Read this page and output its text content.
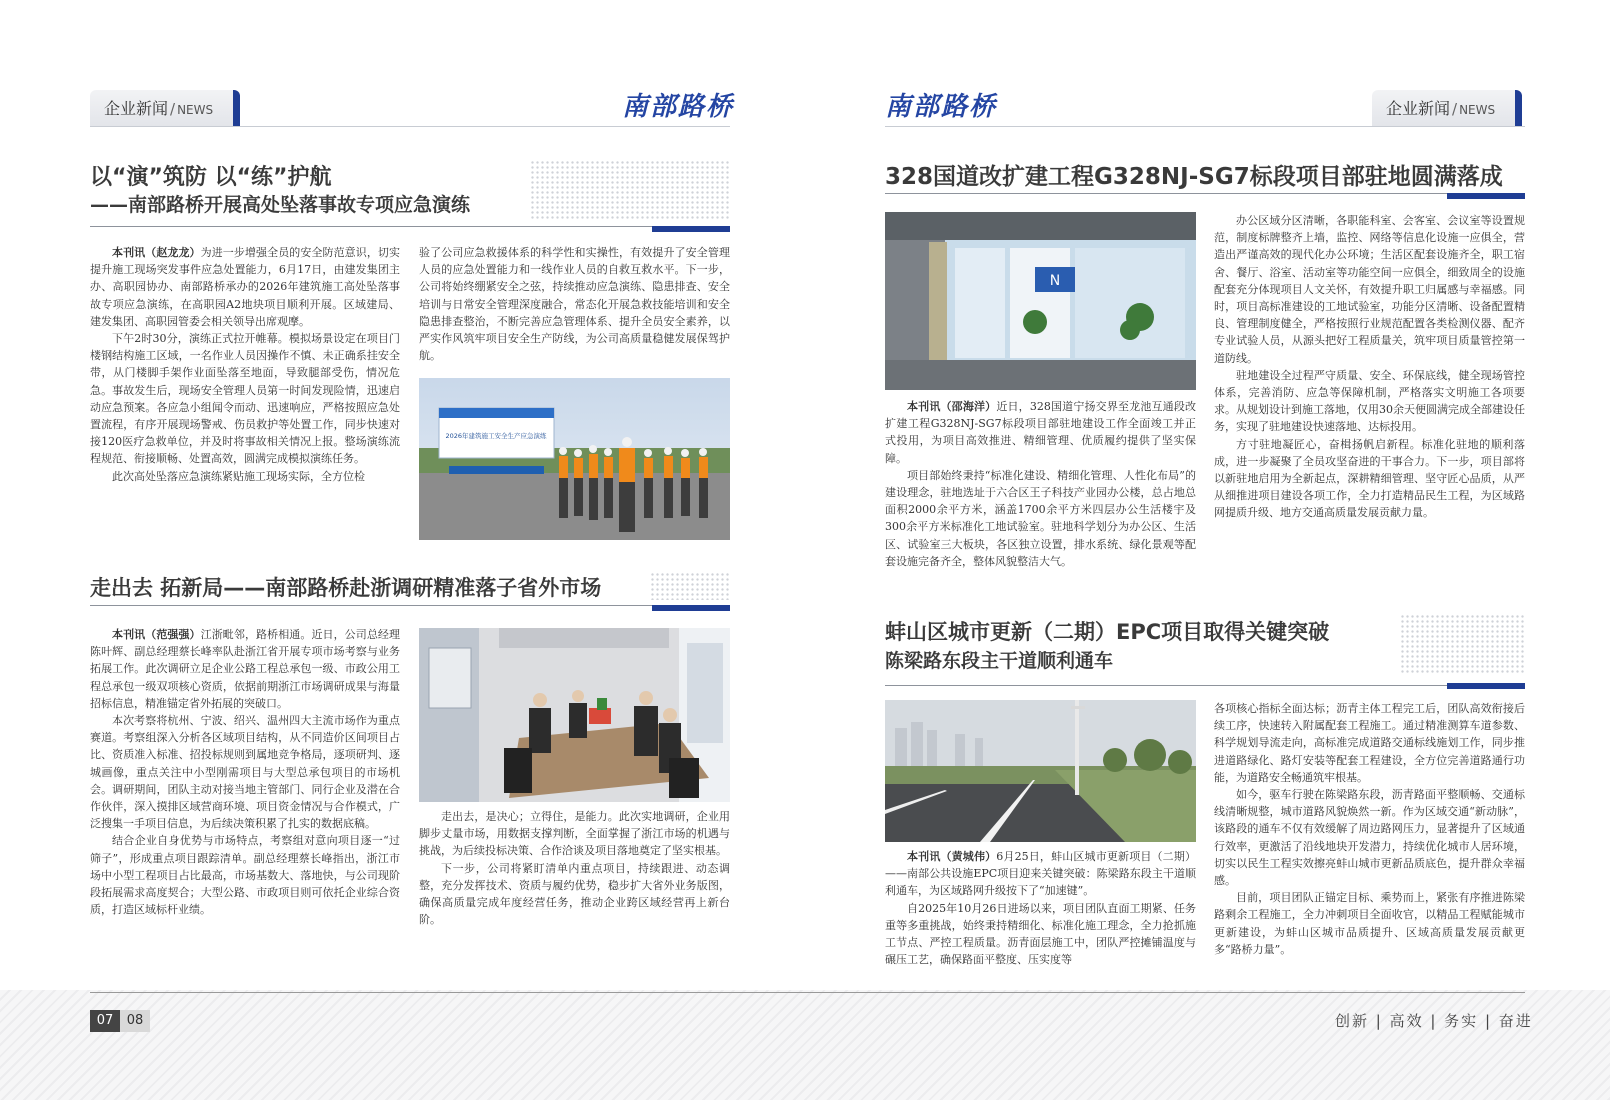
企业新闻 / NEWS	南部路桥
以“演”筑防 以“练”护航
——南部路桥开展高处坠落事故专项应急演练

本刊讯（赵龙龙）为进一步增强全员的安全防范意识，切实提升施工现场突发事件应急处置能力，6月17日，由建发集团主办、高职园协办、南部路桥承办的2026年建筑施工高处坠落事故专项应急演练，在高职园A2地块项目顺利开展。区域建局、建发集团、高职园管委会相关领导出席观摩。

下午2时30分，演练正式拉开帷幕。模拟场景设定在项目门楼钢结构施工区域，一名作业人员因操作不慎、未正确系挂安全带，从门楼脚手架作业面坠落至地面，导致腿部受伤，情况危急。事故发生后，现场安全管理人员第一时间发现险情，迅速启动应急预案。各应急小组闻令而动、迅速响应，严格按照应急处置流程，有序开展现场警戒、伤员救护等处置工作，同步快速对接120医疗急救单位，并及时将事故相关情况上报。整场演练流程规范、衔接顺畅、处置高效，圆满完成模拟演练任务。

此次高处坠落应急演练紧贴施工现场实际，全方位检

验了公司应急救援体系的科学性和实操性，有效提升了安全管理人员的应急处置能力和一线作业人员的自救互救水平。下一步，公司将始终绷紧安全之弦，持续推动应急演练、隐患排查、安全培训与日常安全管理深度融合，常态化开展急救技能培训和安全隐患排查整治，不断完善应急管理体系、提升全员安全素养，以严实作风筑牢项目安全生产防线，为公司高质量稳健发展保驾护航。

2026年建筑施工安全生产应急演练
走出去 拓新局——南部路桥赴浙调研精准落子省外市场

本刊讯（范强强）江浙毗邻，路桥相通。近日，公司总经理陈叶辉、副总经理蔡长峰率队赴浙江省开展专项市场考察与业务拓展工作。此次调研立足企业公路工程总承包一级、市政公用工程总承包一级双项核心资质，依据前期浙江市场调研成果与海量招标信息，精准锚定省外拓展的突破口。

本次考察将杭州、宁波、绍兴、温州四大主流市场作为重点赛道。考察组深入分析各区域项目结构，从不同造价区间项目占比、资质准入标准、招投标规则到属地竞争格局，逐项研判、逐城画像，重点关注中小型刚需项目与大型总承包项目的市场机会。调研期间，团队主动对接当地主管部门、同行企业及潜在合作伙伴，深入摸排区域营商环境、项目资金情况与合作模式，广泛搜集一手项目信息，为后续决策积累了扎实的数据底稿。

结合企业自身优势与市场特点，考察组对意向项目逐一“过筛子”，形成重点项目跟踪清单。副总经理蔡长峰指出，浙江市场中小型工程项目占比最高，市场基数大、落地快，与公司现阶段拓展需求高度契合；大型公路、市政项目则可依托企业综合资质，打造区域标杆业绩。

走出去，是决心；立得住，是能力。此次实地调研，企业用脚步丈量市场，用数据支撑判断，全面掌握了浙江市场的机遇与挑战，为后续投标决策、合作洽谈及项目落地奠定了坚实根基。

下一步，公司将紧盯清单内重点项目，持续跟进、动态调整，充分发挥技术、资质与履约优势，稳步扩大省外业务版图，确保高质量完成年度经营任务，推动企业跨区域经营再上新台阶。

南部路桥	企业新闻 / NEWS
328国道改扩建工程G328NJ-SG7标段项目部驻地圆满落成
N

本刊讯（邵海洋）近日，328国道宁扬交界至龙池互通段改扩建工程G328NJ-SG7标段项目部驻地建设工作全面竣工并正式投用，为项目高效推进、精细管理、优质履约提供了坚实保障。

项目部始终秉持“标准化建设、精细化管理、人性化布局”的建设理念，驻地选址于六合区王子科技产业园办公楼，总占地总面积2000余平方米，涵盖1700余平方米四层办公生活楼宇及300余平方米标准化工地试验室。驻地科学划分为办公区、生活区、试验室三大板块，各区独立设置，排水系统、绿化景观等配套设施完备齐全，整体风貌整洁大气。

办公区域分区清晰，各职能科室、会客室、会议室等设置规范，制度标牌整齐上墙，监控、网络等信息化设施一应俱全，营造出严谨高效的现代化办公环境；生活区配套设施齐全，职工宿舍、餐厅、浴室、活动室等功能空间一应俱全，细致周全的设施配套充分体现项目人文关怀，有效提升职工归属感与幸福感。同时，项目高标准建设的工地试验室，功能分区清晰、设备配置精良、管理制度健全，严格按照行业规范配置各类检测仪器、配齐专业试验人员，从源头把好工程质量关，筑牢项目质量管控第一道防线。

驻地建设全过程严守质量、安全、环保底线，健全现场管控体系，完善消防、应急等保障机制，严格落实文明施工各项要求。从规划设计到施工落地，仅用30余天便圆满完成全部建设任务，实现了驻地建设快速落地、达标投用。

方寸驻地凝匠心，奋楫扬帆启新程。标准化驻地的顺利落成，进一步凝聚了全员攻坚奋进的干事合力。下一步，项目部将以新驻地启用为全新起点，深耕精细管理、坚守匠心品质，从严从细推进项目建设各项工作，全力打造精品民生工程，为区域路网提质升级、地方交通高质量发展贡献力量。

蚌山区城市更新（二期）EPC项目取得关键突破
陈梁路东段主干道顺利通车

本刊讯（黄城伟）6月25日，蚌山区城市更新项目（二期）——南部公共设施EPC项目迎来关键突破：陈梁路东段主干道顺利通车，为区域路网升级按下了“加速键”。

自2025年10月26日进场以来，项目团队直面工期紧、任务重等多重挑战，始终秉持精细化、标准化施工理念，全力抢抓施工节点、严控工程质量。沥青面层施工中，团队严控摊铺温度与碾压工艺，确保路面平整度、压实度等

各项核心指标全面达标；沥青主体工程完工后，团队高效衔接后续工序，快速转入附属配套工程施工。通过精准测算车道参数、科学规划导流走向，高标准完成道路交通标线施划工作，同步推进道路绿化、路灯安装等配套工程建设，全方位完善道路通行功能，为道路安全畅通筑牢根基。

如今，驱车行驶在陈梁路东段，沥青路面平整顺畅、交通标线清晰规整，城市道路风貌焕然一新。作为区域交通“新动脉”，该路段的通车不仅有效缓解了周边路网压力，显著提升了区域通行效率，更激活了沿线地块开发潜力，持续优化城市人居环境，切实以民生工程实效擦亮蚌山城市更新品质底色，提升群众幸福感。

目前，项目团队正锚定目标、乘势而上，紧张有序推进陈梁路剩余工程施工，全力冲刺项目全面收官，以精品工程赋能城市更新建设，为蚌山区城市品质提升、区域高质量发展贡献更多“路桥力量”。

07	08	创新 | 高效 | 务实 | 奋进
